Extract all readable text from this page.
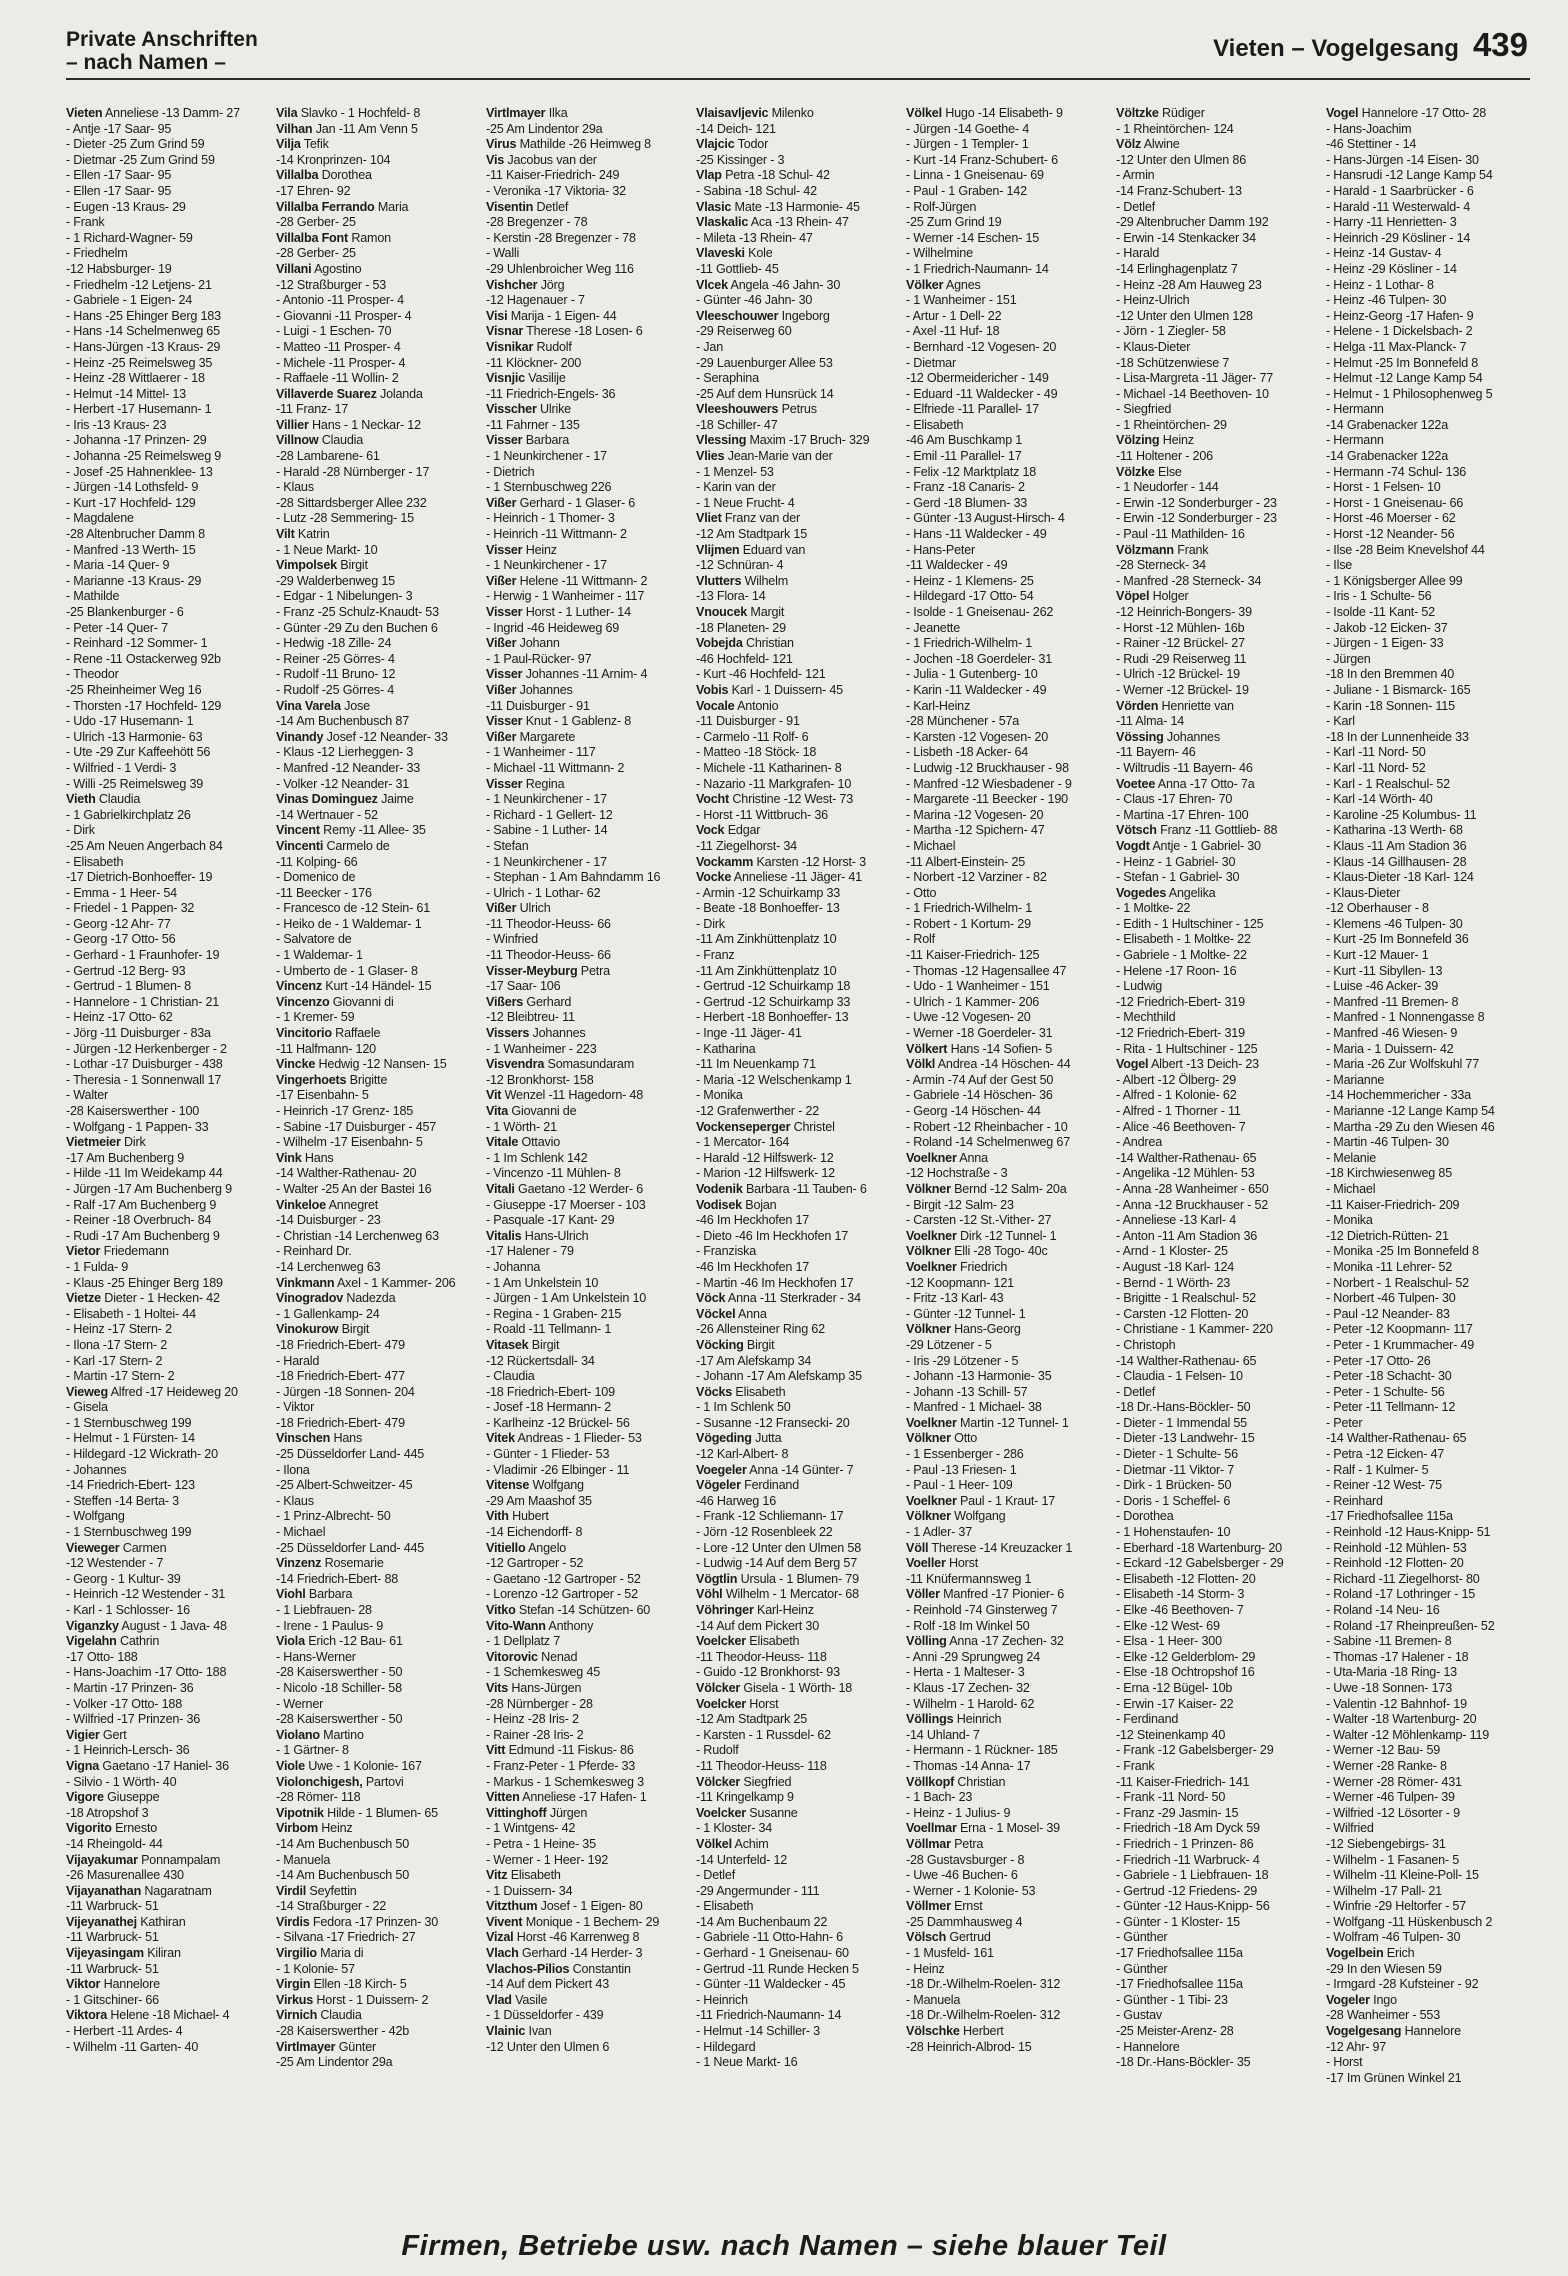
Private Anschriften
– nach Namen –
Vieten – Vogelgesang 439
Vieten Anneliese -13 Damm- 27
- Antje -17 Saar- 95
- Dieter -25 Zum Grind 59
- Dietmar -25 Zum Grind 59
- Ellen -17 Saar- 95
- Ellen -17 Saar- 95
- Eugen -13 Kraus- 29
- Frank
- 1 Richard-Wagner- 59
- Friedhelm
-12 Habsburger- 19
- Friedhelm -12 Letjens- 21
- Gabriele - 1 Eigen- 24
- Hans -25 Ehinger Berg 183
- Hans -14 Schelmenweg 65
- Hans-Jürgen -13 Kraus- 29
- Heinz -25 Reimelsweg 35
- Heinz -28 Wittlaerer - 18
- Helmut -14 Mittel- 13
- Herbert -17 Husemann- 1
- Iris -13 Kraus- 23
- Johanna -17 Prinzen- 29
- Johanna -25 Reimelsweg 9
- Josef -25 Hahnenklee- 13
- Jürgen -14 Lothsfeld- 9
- Kurt -17 Hochfeld- 129
- Magdalene
-28 Altenbrucher Damm 8
- Manfred -13 Werth- 15
- Maria -14 Quer- 9
- Marianne -13 Kraus- 29
- Mathilde
-25 Blankenburger - 6
- Peter -14 Quer- 7
- Reinhard -12 Sommer- 1
- Rene -11 Ostackerweg 92b
- Theodor
-25 Rheinheimer Weg 16
- Thorsten -17 Hochfeld- 129
- Udo -17 Husemann- 1
- Ulrich -13 Harmonie- 63
- Ute -29 Zur Kaffeehött 56
- Wilfried - 1 Verdi- 3
- Willi -25 Reimelsweg 39
Vieth Claudia
- 1 Gabrielkirchplatz 26
- Dirk
-25 Am Neuen Angerbach 84
- Elisabeth
-17 Dietrich-Bonhoeffer- 19
- Emma - 1 Heer- 54
- Friedel - 1 Pappen- 32
- Georg -12 Ahr- 77
- Georg -17 Otto- 56
- Gerhard - 1 Fraunhofer- 19
- Gertrud -12 Berg- 93
- Gertrud - 1 Blumen- 8
- Hannelore - 1 Christian- 21
- Heinz -17 Otto- 62
- Jörg -11 Duisburger - 83a
- Jürgen -12 Herkenberger - 2
- Lothar -17 Duisburger - 438
- Theresia - 1 Sonnenwall 17
- Walter
-28 Kaiserswerther - 100
- Wolfgang - 1 Pappen- 33
Vietmeier Dirk
-17 Am Buchenberg 9
- Hilde -11 Im Weidekamp 44
- Jürgen -17 Am Buchenberg 9
- Ralf -17 Am Buchenberg 9
- Reiner -18 Overbruch- 84
- Rudi -17 Am Buchenberg 9
Vietor Friedemann
- 1 Fulda- 9
- Klaus -25 Ehinger Berg 189
Vietze Dieter - 1 Hecken- 42
- Elisabeth - 1 Holtei- 44
- Heinz -17 Stern- 2
- Ilona -17 Stern- 2
- Karl -17 Stern- 2
- Martin -17 Stern- 2
Vieweg Alfred -17 Heideweg 20
- Gisela
- 1 Sternbuschweg 199
- Helmut - 1 Fürsten- 14
- Hildegard -12 Wickrath- 20
- Johannes
-14 Friedrich-Ebert- 123
- Steffen -14 Berta- 3
- Wolfgang
- 1 Sternbuschweg 199
Vieweger Carmen
-12 Westender - 7
- Georg - 1 Kultur- 39
- Heinrich -12 Westender - 31
- Karl - 1 Schlosser- 16
Viganzky August - 1 Java- 48
Vigelahn Cathrin
-17 Otto- 188
- Hans-Joachim -17 Otto- 188
- Martin -17 Prinzen- 36
- Volker -17 Otto- 188
- Wilfried -17 Prinzen- 36
Vigier Gert
- 1 Heinrich-Lersch- 36
Vigna Gaetano -17 Haniel- 36
- Silvio - 1 Wörth- 40
Vigore Giuseppe
-18 Atropshof 3
Vigorito Ernesto
-14 Rheingold- 44
Vijayakumar Ponnampalam
-26 Masurenallee 430
Vijayanathan Nagaratnam
-11 Warbruck- 51
Vijeyanathej Kathiran
-11 Warbruck- 51
Vijeyasingam Kiliran
-11 Warbruck- 51
Viktor Hannelore
- 1 Gitschiner- 66
Viktora Helene -18 Michael- 4
- Herbert -11 Ardes- 4
- Wilhelm -11 Garten- 40
Vila Slavko - 1 Hochfeld- 8
Vilhan Jan -11 Am Venn 5
Vilja Tefik
-14 Kronprinzen- 104
Villalba Dorothea
-17 Ehren- 92
Villalba Ferrando Maria
-28 Gerber- 25
Villalba Font Ramon
-28 Gerber- 25
Villani Agostino
-12 Straßburger - 53
- Antonio -11 Prosper- 4
- Giovanni -11 Prosper- 4
- Luigi - 1 Eschen- 70
- Matteo -11 Prosper- 4
- Michele -11 Prosper- 4
- Raffaele -11 Wollin- 2
Villaverde Suarez Jolanda
-11 Franz- 17
Villier Hans - 1 Neckar- 12
Villnow Claudia
-28 Lambarene- 61
- Harald -28 Nürnberger - 17
- Klaus
-28 Sittardsberger Allee 232
- Lutz -28 Semmering- 15
Vilt Katrin
- 1 Neue Markt- 10
Vimpolsek Birgit
-29 Walderbenweg 15
- Edgar - 1 Nibelungen- 3
- Franz -25 Schulz-Knaudt- 53
- Günter -29 Zu den Buchen 6
- Hedwig -18 Zille- 24
- Reiner -25 Görres- 4
- Rudolf -11 Bruno- 12
- Rudolf -25 Görres- 4
Vina Varela Jose
-14 Am Buchenbusch 87
Vinandy Josef -12 Neander- 33
- Klaus -12 Lierheggen- 3
- Manfred -12 Neander- 33
- Volker -12 Neander- 31
Vinas Dominguez Jaime
-14 Wertnauer - 52
Vincent Remy -11 Allee- 35
Vincenti Carmelo de
-11 Kolping- 66
- Domenico de
-11 Beecker - 176
- Francesco de -12 Stein- 61
- Heiko de - 1 Waldemar- 1
- Salvatore de
- 1 Waldemar- 1
- Umberto de - 1 Glaser- 8
Vincenz Kurt -14 Händel- 15
Vincenzo Giovanni di
- 1 Kremer- 59
Vincitorio Raffaele
-11 Halfmann- 120
Vincke Hedwig -12 Nansen- 15
Vingerhoets Brigitte
-17 Eisenbahn- 5
- Heinrich -17 Grenz- 185
- Sabine -17 Duisburger - 457
- Wilhelm -17 Eisenbahn- 5
Vink Hans
-14 Walther-Rathenau- 20
- Walter -25 An der Bastei 16
Vinkeloe Annegret
-14 Duisburger - 23
- Christian -14 Lerchenweg 63
- Reinhard Dr.
-14 Lerchenweg 63
Vinkmann Axel - 1 Kammer- 206
Vinogradov Nadezda
- 1 Gallenkamp- 24
Vinokurow Birgit
-18 Friedrich-Ebert- 479
- Harald
-18 Friedrich-Ebert- 477
- Jürgen -18 Sonnen- 204
- Viktor
-18 Friedrich-Ebert- 479
Vinschen Hans
-25 Düsseldorfer Land- 445
- Ilona
-25 Albert-Schweitzer- 45
- Klaus
- 1 Prinz-Albrecht- 50
- Michael
-25 Düsseldorfer Land- 445
Vinzenz Rosemarie
-14 Friedrich-Ebert- 88
Viohl Barbara
- 1 Liebfrauen- 28
- Irene - 1 Paulus- 9
Viola Erich -12 Bau- 61
- Hans-Werner
-28 Kaiserswerther - 50
- Nicolo -18 Schiller- 58
- Werner
-28 Kaiserswerther - 50
Violano Martino
- 1 Gärtner- 8
Viole Uwe - 1 Kolonie- 167
Violonchigesh, Partovi
-28 Römer- 118
Vipotnik Hilde - 1 Blumen- 65
Virbom Heinz
-14 Am Buchenbusch 50
- Manuela
-14 Am Buchenbusch 50
Virdil Seyfettin
-14 Straßburger - 22
Virdis Fedora -17 Prinzen- 30
- Silvana -17 Friedrich- 27
Virgilio Maria di
- 1 Kolonie- 57
Virgin Ellen -18 Kirch- 5
Virkus Horst - 1 Duissern- 2
Virnich Claudia
-28 Kaiserswerther - 42b
Virtlmayer Günter
-25 Am Lindentor 29a
Virtlmayer Ilka
-25 Am Lindentor 29a
Virus Mathilde -26 Heimweg 8
Vis Jacobus van der
-11 Kaiser-Friedrich- 249
- Veronika -17 Viktoria- 32
Visentin Detlef
-28 Bregenzer - 78
- Kerstin -28 Bregenzer - 78
- Walli
-29 Uhlenbroicher Weg 116
Vishcher Jörg
-12 Hagenauer - 7
Visi Marija - 1 Eigen- 44
Visnar Therese -18 Losen- 6
Visnikar Rudolf
-11 Klöckner- 200
Visnjic Vasilije
-11 Friedrich-Engels- 36
Visscher Ulrike
-11 Fahrner - 135
Visser Barbara
- 1 Neunkirchener - 17
- Dietrich
- 1 Sternbuschweg 226
Vißer Gerhard - 1 Glaser- 6
- Heinrich - 1 Thomer- 3
- Heinrich -11 Wittmann- 2
Visser Heinz
- 1 Neunkirchener - 17
Vißer Helene -11 Wittmann- 2
- Herwig - 1 Wanheimer - 117
Visser Horst - 1 Luther- 14
- Ingrid -46 Heideweg 69
Vißer Johann
- 1 Paul-Rücker- 97
Visser Johannes -11 Arnim- 4
Vißer Johannes
-11 Duisburger - 91
Visser Knut - 1 Gablenz- 8
Vißer Margarete
- 1 Wanheimer - 117
- Michael -11 Wittmann- 2
Visser Regina
- 1 Neunkirchener - 17
- Richard - 1 Gellert- 12
- Sabine - 1 Luther- 14
- Stefan
- 1 Neunkirchener - 17
- Stephan - 1 Am Bahndamm 16
- Ulrich - 1 Lothar- 62
Vißer Ulrich
-11 Theodor-Heuss- 66
- Winfried
-11 Theodor-Heuss- 66
Visser-Meyburg Petra
-17 Saar- 106
Vißers Gerhard
-12 Bleibtreu- 11
Vissers Johannes
- 1 Wanheimer - 223
Visvendra Somasundaram
-12 Bronkhorst- 158
Vit Wenzel -11 Hagedorn- 48
Vita Giovanni de
- 1 Wörth- 21
Vitale Ottavio
- 1 Im Schlenk 142
- Vincenzo -11 Mühlen- 8
Vitali Gaetano -12 Werder- 6
- Giuseppe -17 Moerser - 103
- Pasquale -17 Kant- 29
Vitalis Hans-Ulrich
-17 Halener - 79
- Johanna
- 1 Am Unkelstein 10
- Jürgen - 1 Am Unkelstein 10
- Regina - 1 Graben- 215
- Roald -11 Tellmann- 1
Vitasek Birgit
-12 Rückertsdall- 34
- Claudia
-18 Friedrich-Ebert- 109
- Josef -18 Hermann- 2
- Karlheinz -12 Brückel- 56
Vitek Andreas - 1 Flieder- 53
- Günter - 1 Flieder- 53
- Vladimir -26 Elbinger - 11
Vitense Wolfgang
-29 Am Maashof 35
Vith Hubert
-14 Eichendorff- 8
Vitiello Angelo
-12 Gartroper - 52
- Gaetano -12 Gartroper - 52
- Lorenzo -12 Gartroper - 52
Vitko Stefan -14 Schützen- 60
Vito-Wann Anthony
- 1 Dellplatz 7
Vitorovic Nenad
- 1 Schemkesweg 45
Vits Hans-Jürgen
-28 Nürnberger - 28
- Heinz -28 Iris- 2
- Rainer -28 Iris- 2
Vitt Edmund -11 Fiskus- 86
- Franz-Peter - 1 Pferde- 33
- Markus - 1 Schemkesweg 3
Vitten Anneliese -17 Hafen- 1
Vittinghoff Jürgen
- 1 Wintgens- 42
- Petra - 1 Heine- 35
- Werner - 1 Heer- 192
Vitz Elisabeth
- 1 Duissern- 34
Vitzthum Josef - 1 Eigen- 80
Vivent Monique - 1 Bechem- 29
Vizal Horst -46 Karrenweg 8
Vlach Gerhard -14 Herder- 3
Vlachos-Pilios Constantin
-14 Auf dem Pickert 43
Vlad Vasile
- 1 Düsseldorfer - 439
Vlainic Ivan
-12 Unter den Ulmen 6
Vlaisavljevic Milenko
-14 Deich- 121
Vlajcic Todor
-25 Kissinger - 3
Vlap Petra -18 Schul- 42
- Sabina -18 Schul- 42
Vlasic Mate -13 Harmonie- 45
Vlaskalic Aca -13 Rhein- 47
- Mileta -13 Rhein- 47
Vlaveski Kole
-11 Gottlieb- 45
Vlcek Angela -46 Jahn- 30
- Günter -46 Jahn- 30
Vleeschouwer Ingeborg
-29 Reiserweg 60
- Jan
-29 Lauenburger Allee 53
- Seraphina
-25 Auf dem Hunsrück 14
Vleeshouwers Petrus
-18 Schiller- 47
Vlessing Maxim -17 Bruch- 329
Vlies Jean-Marie van der
- 1 Menzel- 53
- Karin van der
- 1 Neue Frucht- 4
Vliet Franz van der
-12 Am Stadtpark 15
Vlijmen Eduard van
-12 Schnüran- 4
Vlutters Wilhelm
-13 Flora- 14
Vnoucek Margit
-18 Planeten- 29
Vobejda Christian
-46 Hochfeld- 121
- Kurt -46 Hochfeld- 121
Vobis Karl - 1 Duissern- 45
Vocale Antonio
-11 Duisburger - 91
- Carmelo -11 Rolf- 6
- Matteo -18 Stöck- 18
- Michele -11 Katharinen- 8
- Nazario -11 Markgrafen- 10
Vocht Christine -12 West- 73
- Horst -11 Wittbruch- 36
Vock Edgar
-11 Ziegelhorst- 34
Vockamm Karsten -12 Horst- 3
Vocke Anneliese -11 Jäger- 41
- Armin -12 Schuirkamp 33
- Beate -18 Bonhoeffer- 13
- Dirk
-11 Am Zinkhüttenplatz 10
- Franz
-11 Am Zinkhüttenplatz 10
- Gertrud -12 Schuirkamp 18
- Gertrud -12 Schuirkamp 33
- Herbert -18 Bonhoeffer- 13
- Inge -11 Jäger- 41
- Katharina
-11 Im Neuenkamp 71
- Maria -12 Welschenkamp 1
- Monika
-12 Grafenwerther - 22
Vockenseperger Christel
- 1 Mercator- 164
- Harald -12 Hilfswerk- 12
- Marion -12 Hilfswerk- 12
Vodenik Barbara -11 Tauben- 6
Vodisek Bojan
-46 Im Heckhofen 17
- Dieto -46 Im Heckhofen 17
- Franziska
-46 Im Heckhofen 17
- Martin -46 Im Heckhofen 17
Vöck Anna -11 Sterkrader - 34
Vöckel Anna
-26 Allensteiner Ring 62
Vöcking Birgit
-17 Am Alefskamp 34
- Johann -17 Am Alefskamp 35
Vöcks Elisabeth
- 1 Im Schlenk 50
- Susanne -12 Fransecki- 20
Vögeding Jutta
-12 Karl-Albert- 8
Voegeler Anna -14 Günter- 7
Vögeler Ferdinand
-46 Harweg 16
- Frank -12 Schliemann- 17
- Jörn -12 Rosenbleek 22
- Lore -12 Unter den Ulmen 58
- Ludwig -14 Auf dem Berg 57
Vögtlin Ursula - 1 Blumen- 79
Vöhl Wilhelm - 1 Mercator- 68
Vöhringer Karl-Heinz
-14 Auf dem Pickert 30
Voelcker Elisabeth
-11 Theodor-Heuss- 118
- Guido -12 Bronkhorst- 93
Völcker Gisela - 1 Wörth- 18
Voelcker Horst
-12 Am Stadtpark 25
- Karsten - 1 Russdel- 62
- Rudolf
-11 Theodor-Heuss- 118
Völcker Siegfried
-11 Kringelkamp 9
Voelcker Susanne
- 1 Kloster- 34
Völkel Achim
-14 Unterfeld- 12
- Detlef
-29 Angermunder - 111
- Elisabeth
-14 Am Buchenbaum 22
- Gabriele -11 Otto-Hahn- 6
- Gerhard - 1 Gneisenau- 60
- Gertrud -11 Runde Hecken 5
- Günter -11 Waldecker - 45
- Heinrich
-11 Friedrich-Naumann- 14
- Helmut -14 Schiller- 3
- Hildegard
- 1 Neue Markt- 16
Völkel Hugo -14 Elisabeth- 9
- Jürgen -14 Goethe- 4
- Jürgen - 1 Templer- 1
- Kurt -14 Franz-Schubert- 6
- Linna - 1 Gneisenau- 69
- Paul - 1 Graben- 142
- Rolf-Jürgen
-25 Zum Grind 19
- Werner -14 Eschen- 15
- Wilhelmine
- 1 Friedrich-Naumann- 14
Völker Agnes
- 1 Wanheimer - 151
- Artur - 1 Dell- 22
- Axel -11 Huf- 18
- Bernhard -12 Vogesen- 20
- Dietmar
-12 Obermeidericher - 149
- Eduard -11 Waldecker - 49
- Elfriede -11 Parallel- 17
- Elisabeth
-46 Am Buschkamp 1
- Emil -11 Parallel- 17
- Felix -12 Marktplatz 18
- Franz -18 Canaris- 2
- Gerd -18 Blumen- 33
- Günter -13 August-Hirsch- 4
- Hans -11 Waldecker - 49
- Hans-Peter
-11 Waldecker - 49
- Heinz - 1 Klemens- 25
- Hildegard -17 Otto- 54
- Isolde - 1 Gneisenau- 262
- Jeanette
- 1 Friedrich-Wilhelm- 1
- Jochen -18 Goerdeler- 31
- Julia - 1 Gutenberg- 10
- Karin -11 Waldecker - 49
- Karl-Heinz
-28 Münchener - 57a
- Karsten -12 Vogesen- 20
- Lisbeth -18 Acker- 64
- Ludwig -12 Bruckhauser - 98
- Manfred -12 Wiesbadener - 9
- Margarete -11 Beecker - 190
- Marina -12 Vogesen- 20
- Martha -12 Spichern- 47
- Michael
-11 Albert-Einstein- 25
- Norbert -12 Varziner - 82
- Otto
- 1 Friedrich-Wilhelm- 1
- Robert - 1 Kortum- 29
- Rolf
-11 Kaiser-Friedrich- 125
- Thomas -12 Hagensallee 47
- Udo - 1 Wanheimer - 151
- Ulrich - 1 Kammer- 206
- Uwe -12 Vogesen- 20
- Werner -18 Goerdeler- 31
Völkert Hans -14 Sofien- 5
Völkl Andrea -14 Höschen- 44
- Armin -74 Auf der Gest 50
- Gabriele -14 Höschen- 36
- Georg -14 Höschen- 44
- Robert -12 Rheinbacher - 10
- Roland -14 Schelmenweg 67
Voelkner Anna
-12 Hochstraße - 3
Völkner Bernd -12 Salm- 20a
- Birgit -12 Salm- 23
- Carsten -12 St.-Vither- 27
Voelkner Dirk -12 Tunnel- 1
Völkner Elli -28 Togo- 40c
Voelkner Friedrich
-12 Koopmann- 121
- Fritz -13 Karl- 43
- Günter -12 Tunnel- 1
Völkner Hans-Georg
-29 Lötzener - 5
- Iris -29 Lötzener - 5
- Johann -13 Harmonie- 35
- Johann -13 Schill- 57
- Manfred - 1 Michael- 38
Voelkner Martin -12 Tunnel- 1
Völkner Otto
- 1 Essenberger - 286
- Paul -13 Friesen- 1
- Paul - 1 Heer- 109
Voelkner Paul - 1 Kraut- 17
Völkner Wolfgang
- 1 Adler- 37
Völl Therese -14 Kreuzacker 1
Voeller Horst
-11 Knüfermannsweg 1
Völler Manfred -17 Pionier- 6
- Reinhold -74 Ginsterweg 7
- Rolf -18 Im Winkel 50
Völling Anna -17 Zechen- 32
- Anni -29 Sprungweg 24
- Herta - 1 Malteser- 3
- Klaus -17 Zechen- 32
- Wilhelm - 1 Harold- 62
Völlings Heinrich
-14 Uhland- 7
- Hermann - 1 Rückner- 185
- Thomas -14 Anna- 17
Völlkopf Christian
- 1 Bach- 23
- Heinz - 1 Julius- 9
Voellmar Erna - 1 Mosel- 39
Völlmar Petra
-28 Gustavsburger - 8
- Uwe -46 Buchen- 6
- Werner - 1 Kolonie- 53
Völlmer Ernst
-25 Dammhausweg 4
Völsch Gertrud
- 1 Musfeld- 161
- Heinz
-18 Dr.-Wilhelm-Roelen- 312
- Manuela
-18 Dr.-Wilhelm-Roelen- 312
Völschke Herbert
-28 Heinrich-Albrod- 15
Völtzke Rüdiger
- 1 Rheintörchen- 124
Völz Alwine
-12 Unter den Ulmen 86
- Armin
-14 Franz-Schubert- 13
- Detlef
-29 Altenbrucher Damm 192
- Erwin -14 Stenkacker 34
- Harald
-14 Erlinghagenplatz 7
- Heinz -28 Am Hauweg 23
- Heinz-Ulrich
-12 Unter den Ulmen 128
- Jörn - 1 Ziegler- 58
- Klaus-Dieter
-18 Schützenwiese 7
- Lisa-Margreta -11 Jäger- 77
- Michael -14 Beethoven- 10
- Siegfried
- 1 Rheintörchen- 29
Völzing Heinz
-11 Holtener - 206
Völzke Else
- 1 Neudorfer - 144
- Erwin -12 Sonderburger - 23
- Erwin -12 Sonderburger - 23
- Paul -11 Mathilden- 16
Völzmann Frank
-28 Sterneck- 34
- Manfred -28 Sterneck- 34
Vöpel Holger
-12 Heinrich-Bongers- 39
- Horst -12 Mühlen- 16b
- Rainer -12 Brückel- 27
- Rudi -29 Reiserweg 11
- Ulrich -12 Brückel- 19
- Werner -12 Brückel- 19
Vörden Henriette van
-11 Alma- 14
Vössing Johannes
-11 Bayern- 46
- Wiltrudis -11 Bayern- 46
Voetee Anna -17 Otto- 7a
- Claus -17 Ehren- 70
- Martina -17 Ehren- 100
Vötsch Franz -11 Gottlieb- 88
Vogdt Antje - 1 Gabriel- 30
- Heinz - 1 Gabriel- 30
- Stefan - 1 Gabriel- 30
Vogedes Angelika
- 1 Moltke- 22
- Edith - 1 Hultschiner - 125
- Elisabeth - 1 Moltke- 22
- Gabriele - 1 Moltke- 22
- Helene -17 Roon- 16
- Ludwig
-12 Friedrich-Ebert- 319
- Mechthild
-12 Friedrich-Ebert- 319
- Rita - 1 Hultschiner - 125
Vogel Albert -13 Deich- 23
- Albert -12 Ölberg- 29
- Alfred - 1 Kolonie- 62
- Alfred - 1 Thorner - 11
- Alice -46 Beethoven- 7
- Andrea
-14 Walther-Rathenau- 65
- Angelika -12 Mühlen- 53
- Anna -28 Wanheimer - 650
- Anna -12 Bruckhauser - 52
- Anneliese -13 Karl- 4
- Anton -11 Am Stadion 36
- Arnd - 1 Kloster- 25
- August -18 Karl- 124
- Bernd - 1 Wörth- 23
- Brigitte - 1 Realschul- 52
- Carsten -12 Flotten- 20
- Christiane - 1 Kammer- 220
- Christoph
-14 Walther-Rathenau- 65
- Claudia - 1 Felsen- 10
- Detlef
-18 Dr.-Hans-Böckler- 50
- Dieter - 1 Immendal 55
- Dieter -13 Landwehr- 15
- Dieter - 1 Schulte- 56
- Dietmar -11 Viktor- 7
- Dirk - 1 Brücken- 50
- Doris - 1 Scheffel- 6
- Dorothea
- 1 Hohenstaufen- 10
- Eberhard -18 Wartenburg- 20
- Eckard -12 Gabelsberger - 29
- Elisabeth -12 Flotten- 20
- Elisabeth -14 Storm- 3
- Elke -46 Beethoven- 7
- Elke -12 West- 69
- Elsa - 1 Heer- 300
- Elke -12 Gelderblom- 29
- Else -18 Ochtropshof 16
- Erna -12 Bügel- 10b
- Erwin -17 Kaiser- 22
- Ferdinand
-12 Steinenkamp 40
- Frank -12 Gabelsberger- 29
- Frank
-11 Kaiser-Friedrich- 141
- Frank -11 Nord- 50
- Franz -29 Jasmin- 15
- Friedrich -18 Am Dyck 59
- Friedrich - 1 Prinzen- 86
- Friedrich -11 Warbruck- 4
- Gabriele - 1 Liebfrauen- 18
- Gertrud -12 Friedens- 29
- Günter -12 Haus-Knipp- 56
- Günter - 1 Kloster- 15
- Günther
-17 Friedhofsallee 115a
- Günther
-17 Friedhofsallee 115a
- Günther - 1 Tibi- 23
- Gustav
-25 Meister-Arenz- 28
- Hannelore
-18 Dr.-Hans-Böckler- 35
Vogel Hannelore -17 Otto- 28
- Hans-Joachim
-46 Stettiner - 14
- Hans-Jürgen -14 Eisen- 30
- Hansrudi -12 Lange Kamp 54
- Harald - 1 Saarbrücker - 6
- Harald -11 Westerwald- 4
- Harry -11 Henrietten- 3
- Heinrich -29 Kösliner - 14
- Heinz -14 Gustav- 4
- Heinz -29 Kösliner - 14
- Heinz - 1 Lothar- 8
- Heinz -46 Tulpen- 30
- Heinz-Georg -17 Hafen- 9
- Helene - 1 Dickelsbach- 2
- Helga -11 Max-Planck- 7
- Helmut -25 Im Bonnefeld 8
- Helmut -12 Lange Kamp 54
- Helmut - 1 Philosophenweg 5
- Hermann
-14 Grabenacker 122a
- Hermann
-14 Grabenacker 122a
- Hermann -74 Schul- 136
- Horst - 1 Felsen- 10
- Horst - 1 Gneisenau- 66
- Horst -46 Moerser - 62
- Horst -12 Neander- 56
- Ilse -28 Beim Knevelshof 44
- Ilse
- 1 Königsberger Allee 99
- Iris - 1 Schulte- 56
- Isolde -11 Kant- 52
- Jakob -12 Eicken- 37
- Jürgen - 1 Eigen- 33
- Jürgen
-18 In den Bremmen 40
- Juliane - 1 Bismarck- 165
- Karin -18 Sonnen- 115
- Karl
-18 In der Lunnenheide 33
- Karl -11 Nord- 50
- Karl -11 Nord- 52
- Karl - 1 Realschul- 52
- Karl -14 Wörth- 40
- Karoline -25 Kolumbus- 11
- Katharina -13 Werth- 68
- Klaus -11 Am Stadion 36
- Klaus -14 Gillhausen- 28
- Klaus-Dieter -18 Karl- 124
- Klaus-Dieter
-12 Oberhauser - 8
- Klemens -46 Tulpen- 30
- Kurt -25 Im Bonnefeld 36
- Kurt -12 Mauer- 1
- Kurt -11 Sibyllen- 13
- Luise -46 Acker- 39
- Manfred -11 Bremen- 8
- Manfred - 1 Nonnengasse 8
- Manfred -46 Wiesen- 9
- Maria - 1 Duissern- 42
- Maria -26 Zur Wolfskuhl 77
- Marianne
-14 Hochemmericher - 33a
- Marianne -12 Lange Kamp 54
- Martha -29 Zu den Wiesen 46
- Martin -46 Tulpen- 30
- Melanie
-18 Kirchwiesenweg 85
- Michael
-11 Kaiser-Friedrich- 209
- Monika
-12 Dietrich-Rütten- 21
- Monika -25 Im Bonnefeld 8
- Monika -11 Lehrer- 52
- Norbert - 1 Realschul- 52
- Norbert -46 Tulpen- 30
- Paul -12 Neander- 83
- Peter -12 Koopmann- 117
- Peter - 1 Krummacher- 49
- Peter -17 Otto- 26
- Peter -18 Schacht- 30
- Peter - 1 Schulte- 56
- Peter -11 Tellmann- 12
- Peter
-14 Walther-Rathenau- 65
- Petra -12 Eicken- 47
- Ralf - 1 Kulmer- 5
- Reiner -12 West- 75
- Reinhard
-17 Friedhofsallee 115a
- Reinhold -12 Haus-Knipp- 51
- Reinhold -12 Mühlen- 53
- Reinhold -12 Flotten- 20
- Richard -11 Ziegelhorst- 80
- Roland -17 Lothringer - 15
- Roland -14 Neu- 16
- Roland -17 Rheinpreußen- 52
- Sabine -11 Bremen- 8
- Thomas -17 Halener - 18
- Uta-Maria -18 Ring- 13
- Uwe -18 Sonnen- 173
- Valentin -12 Bahnhof- 19
- Walter -18 Wartenburg- 20
- Walter -12 Möhlenkamp- 119
- Werner -12 Bau- 59
- Werner -28 Ranke- 8
- Werner -28 Römer- 431
- Werner -46 Tulpen- 39
- Wilfried -12 Lösorter - 9
- Wilfried
-12 Siebengebirgs- 31
- Wilhelm - 1 Fasanen- 5
- Wilhelm -11 Kleine-Poll- 15
- Wilhelm -17 Pall- 21
- Winfrie -29 Heltorfer - 57
- Wolfgang -11 Hüskenbusch 2
- Wolfram -46 Tulpen- 30
Vogelbein Erich
-29 In den Wiesen 59
- Irmgard -28 Kufsteiner - 92
Vogeler Ingo
-28 Wanheimer - 553
Vogelgesang Hannelore
-12 Ahr- 97
- Horst
-17 Im Grünen Winkel 21
Firmen, Betriebe usw. nach Namen – siehe blauer Teil
